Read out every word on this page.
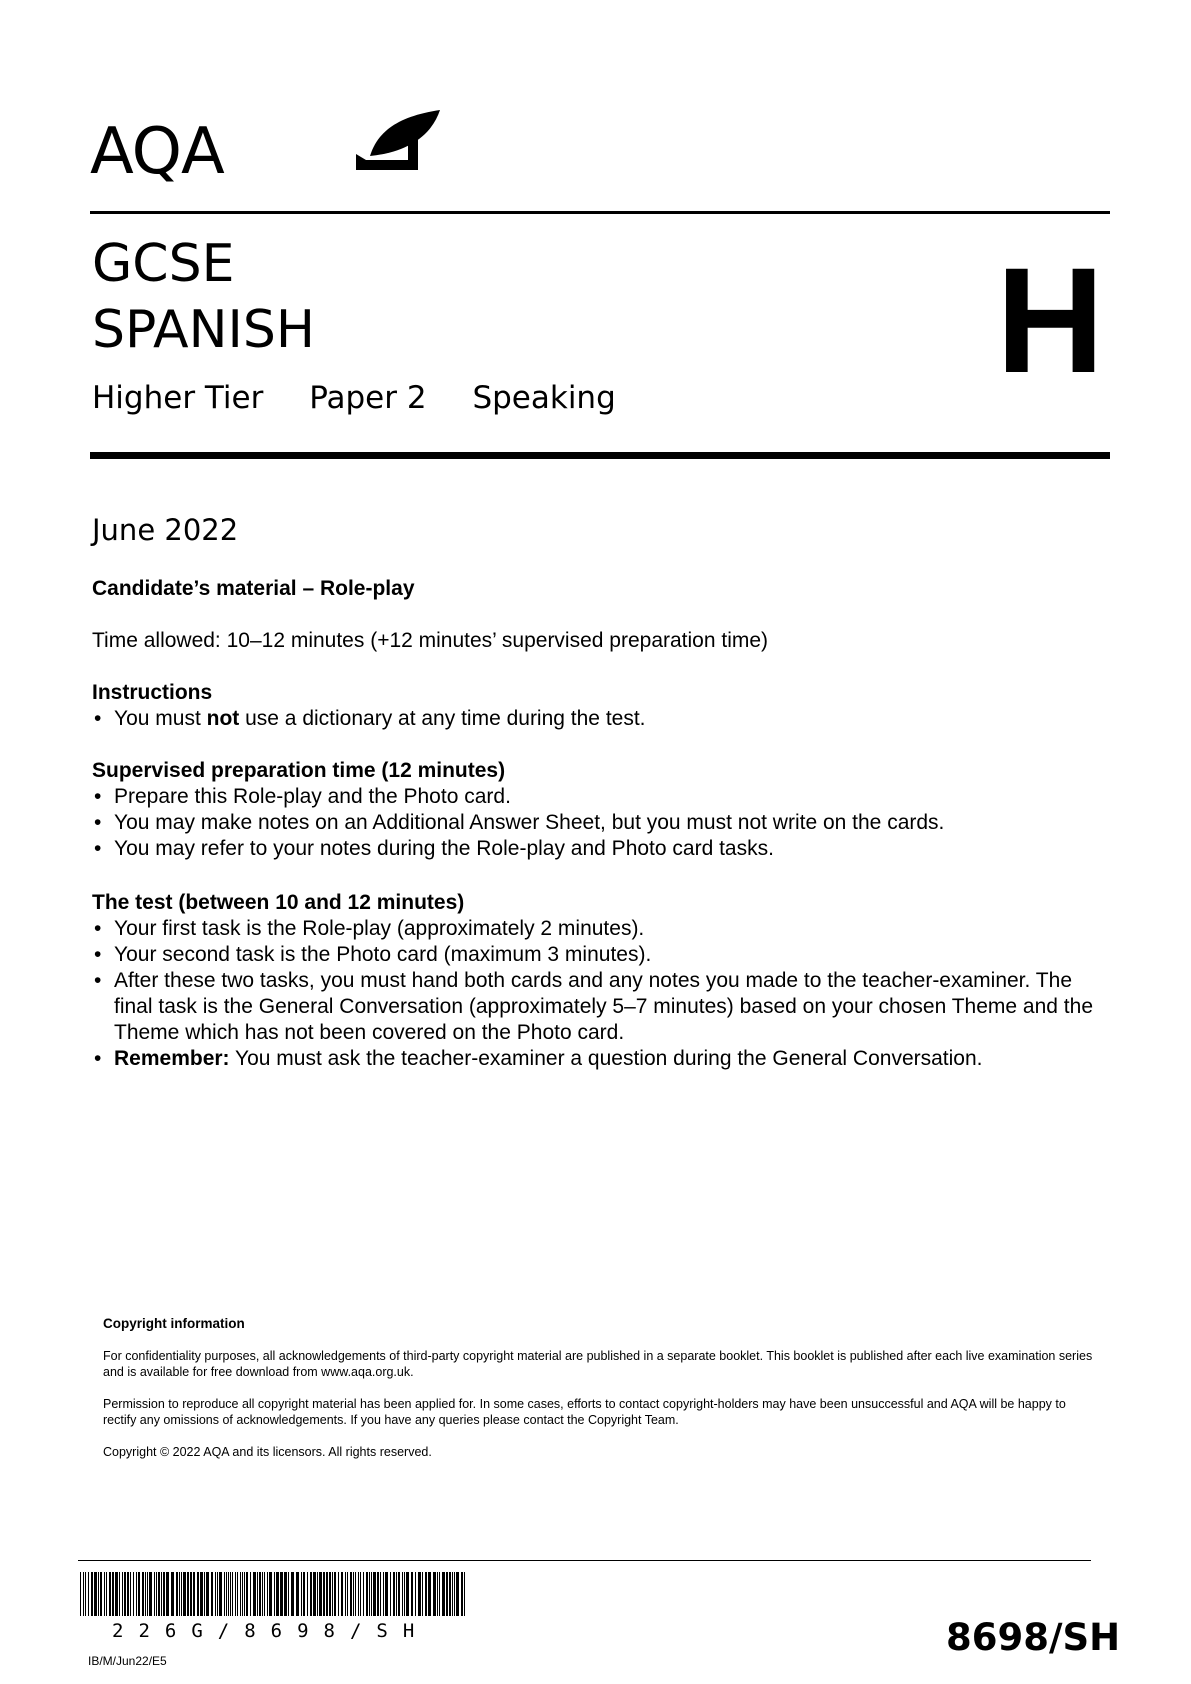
AQA
GCSE
SPANISH
Higher Tier Paper 2 Speaking	H
June 2022
Candidate’s material – Role-play
Time allowed: 10–12 minutes (+12 minutes’ supervised preparation time)
Instructions
• You must not use a dictionary at any time during the test.
Supervised preparation time (12 minutes)
• Prepare this Role-play and the Photo card.
• You may make notes on an Additional Answer Sheet, but you must not write on the cards.
• You may refer to your notes during the Role-play and Photo card tasks.
The test (between 10 and 12 minutes)
• Your first task is the Role-play (approximately 2 minutes).
• Your second task is the Photo card (maximum 3 minutes).
• After these two tasks, you must hand both cards and any notes you made to the teacher-examiner. The final task is the General Conversation (approximately 5–7 minutes) based on your chosen Theme and the Theme which has not been covered on the Photo card.
• Remember: You must ask the teacher-examiner a question during the General Conversation.
Copyright information

For confidentiality purposes, all acknowledgements of third-party copyright material are published in a separate booklet. This booklet is published after each live examination series and is available for free download from www.aqa.org.uk.

Permission to reproduce all copyright material has been applied for. In some cases, efforts to contact copyright-holders may have been unsuccessful and AQA will be happy to rectify any omissions of acknowledgements. If you have any queries please contact the Copyright Team.

Copyright © 2022 AQA and its licensors. All rights reserved.

226G/8698/SH
IB/M/Jun22/E5
8698/SH
